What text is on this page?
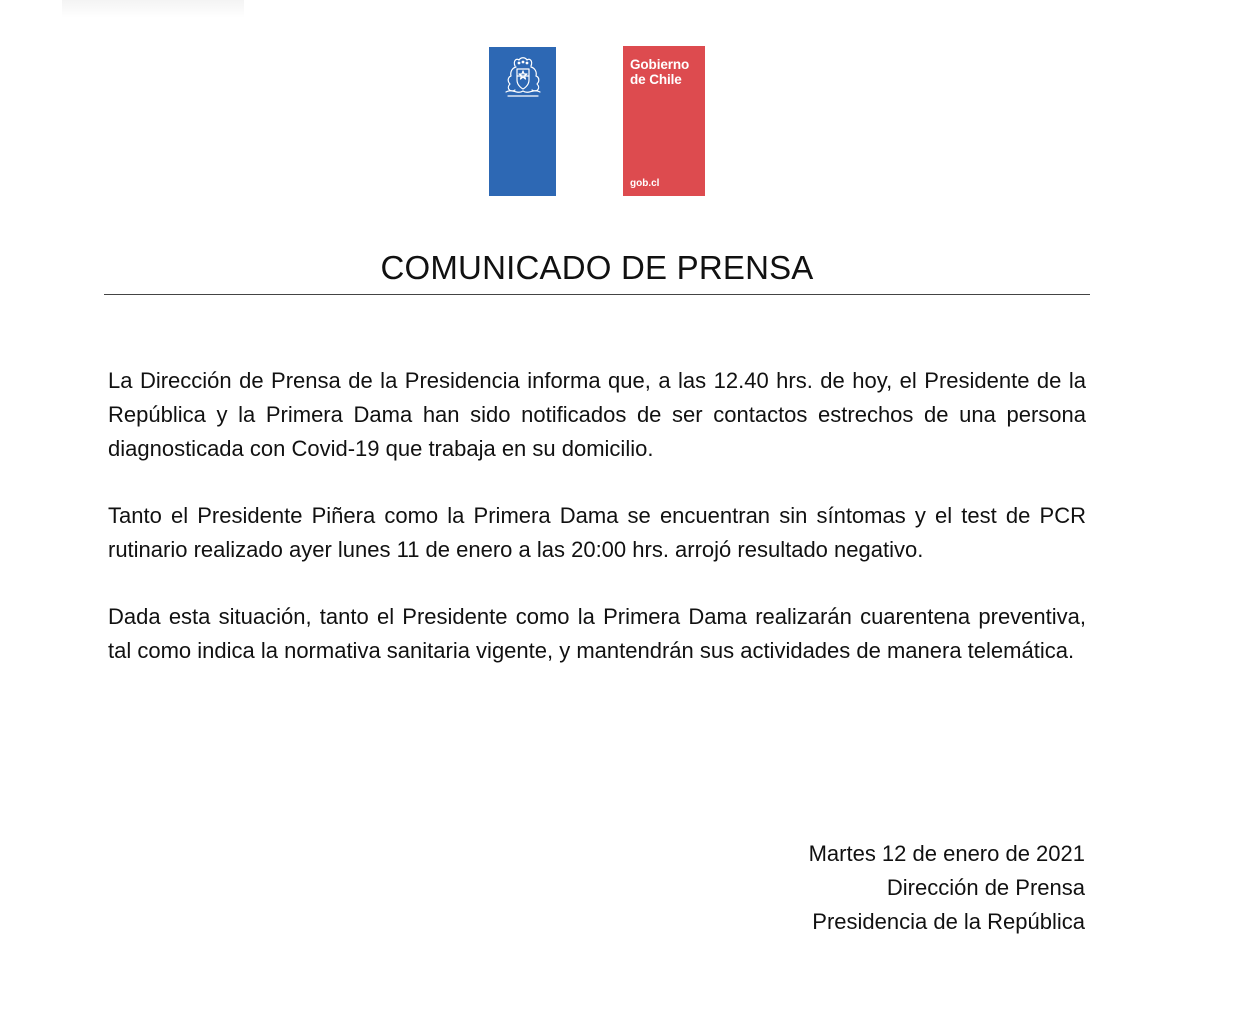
Gobierno de Chile
gob.cl
COMUNICADO DE PRENSA

La Dirección de Prensa de la Presidencia informa que, a las 12.40 hrs. de hoy, el Presidente de la República y la Primera Dama han sido notificados de ser contactos estrechos de una persona diagnosticada con Covid-19 que trabaja en su domicilio.

Tanto el Presidente Piñera como la Primera Dama se encuentran sin síntomas y el test de PCR rutinario realizado ayer lunes 11 de enero a las 20:00 hrs. arrojó resultado negativo.

Dada esta situación, tanto el Presidente como la Primera Dama realizarán cuarentena preventiva, tal como indica la normativa sanitaria vigente, y mantendrán sus actividades de manera telemática.

Martes 12 de enero de 2021
Dirección de Prensa
Presidencia de la República
